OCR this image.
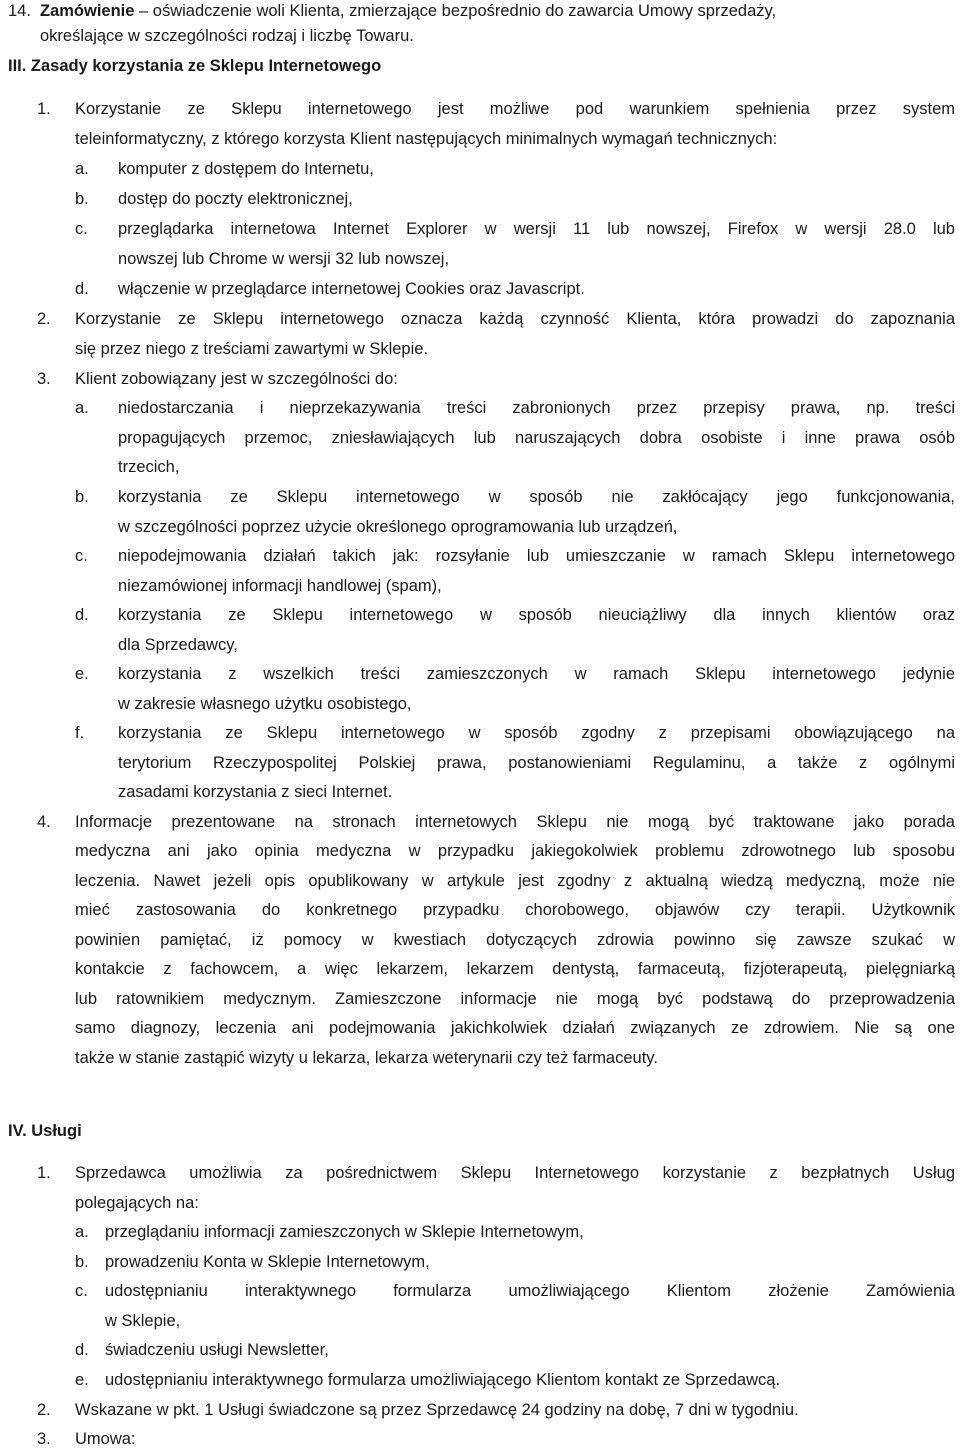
14. Zamówienie – oświadczenie woli Klienta, zmierzające bezpośrednio do zawarcia Umowy sprzedaży,
określające w szczególności rodzaj i liczbę Towaru.
III. Zasady korzystania ze Sklepu Internetowego
1. Korzystanie ze Sklepu internetowego jest możliwe pod warunkiem spełnienia przez system
teleinformatyczny, z którego korzysta Klient następujących minimalnych wymagań technicznych:
a. komputer z dostępem do Internetu,
b. dostęp do poczty elektronicznej,
c. przeglądarka internetowa Internet Explorer w wersji 11 lub nowszej, Firefox w wersji 28.0 lub
nowszej lub Chrome w wersji 32 lub nowszej,
d. włączenie w przeglądarce internetowej Cookies oraz Javascript.
2. Korzystanie ze Sklepu internetowego oznacza każdą czynność Klienta, która prowadzi do zapoznania
się przez niego z treściami zawartymi w Sklepie.
3. Klient zobowiązany jest w szczególności do:
a. niedostarczania i nieprzekazywania treści zabronionych przez przepisy prawa, np. treści
propagujących przemoc, zniesławiających lub naruszających dobra osobiste i inne prawa osób
trzecich,
b. korzystania ze Sklepu internetowego w sposób nie zakłócający jego funkcjonowania,
w szczególności poprzez użycie określonego oprogramowania lub urządzeń,
c. niepodejmowania działań takich jak: rozsyłanie lub umieszczanie w ramach Sklepu internetowego
niezamówionej informacji handlowej (spam),
d. korzystania ze Sklepu internetowego w sposób nieuciążliwy dla innych klientów oraz
dla Sprzedawcy,
e. korzystania z wszelkich treści zamieszczonych w ramach Sklepu internetowego jedynie
w zakresie własnego użytku osobistego,
f. korzystania ze Sklepu internetowego w sposób zgodny z przepisami obowiązującego na
terytorium Rzeczypospolitej Polskiej prawa, postanowieniami Regulaminu, a także z ogólnymi
zasadami korzystania z sieci Internet.
4. Informacje prezentowane na stronach internetowych Sklepu nie mogą być traktowane jako porada
medyczna ani jako opinia medyczna w przypadku jakiegokolwiek problemu zdrowotnego lub sposobu
leczenia. Nawet jeżeli opis opublikowany w artykule jest zgodny z aktualną wiedzą medyczną, może nie
mieć zastosowania do konkretnego przypadku chorobowego, objawów czy terapii. Użytkownik
powinien pamiętać, iż pomocy w kwestiach dotyczących zdrowia powinno się zawsze szukać w
kontakcie z fachowcem, a więc lekarzem, lekarzem dentystą, farmaceutą, fizjoterapeutą, pielęgniarką
lub ratownikiem medycznym. Zamieszczone informacje nie mogą być podstawą do przeprowadzenia
samo diagnozy, leczenia ani podejmowania jakichkolwiek działań związanych ze zdrowiem. Nie są one
także w stanie zastąpić wizyty u lekarza, lekarza weterynarii czy też farmaceuty.
IV. Usługi
1. Sprzedawca umożliwia za pośrednictwem Sklepu Internetowego korzystanie z bezpłatnych Usług
polegających na:
a. przeglądaniu informacji zamieszczonych w Sklepie Internetowym,
b. prowadzeniu Konta w Sklepie Internetowym,
c. udostępnianiu interaktywnego formularza umożliwiającego Klientom złożenie Zamówienia
w Sklepie,
d. świadczeniu usługi Newsletter,
e. udostępnianiu interaktywnego formularza umożliwiającego Klientom kontakt ze Sprzedawcą.
2. Wskazane w pkt. 1 Usługi świadczone są przez Sprzedawcę 24 godziny na dobę, 7 dni w tygodniu.
3. Umowa:
